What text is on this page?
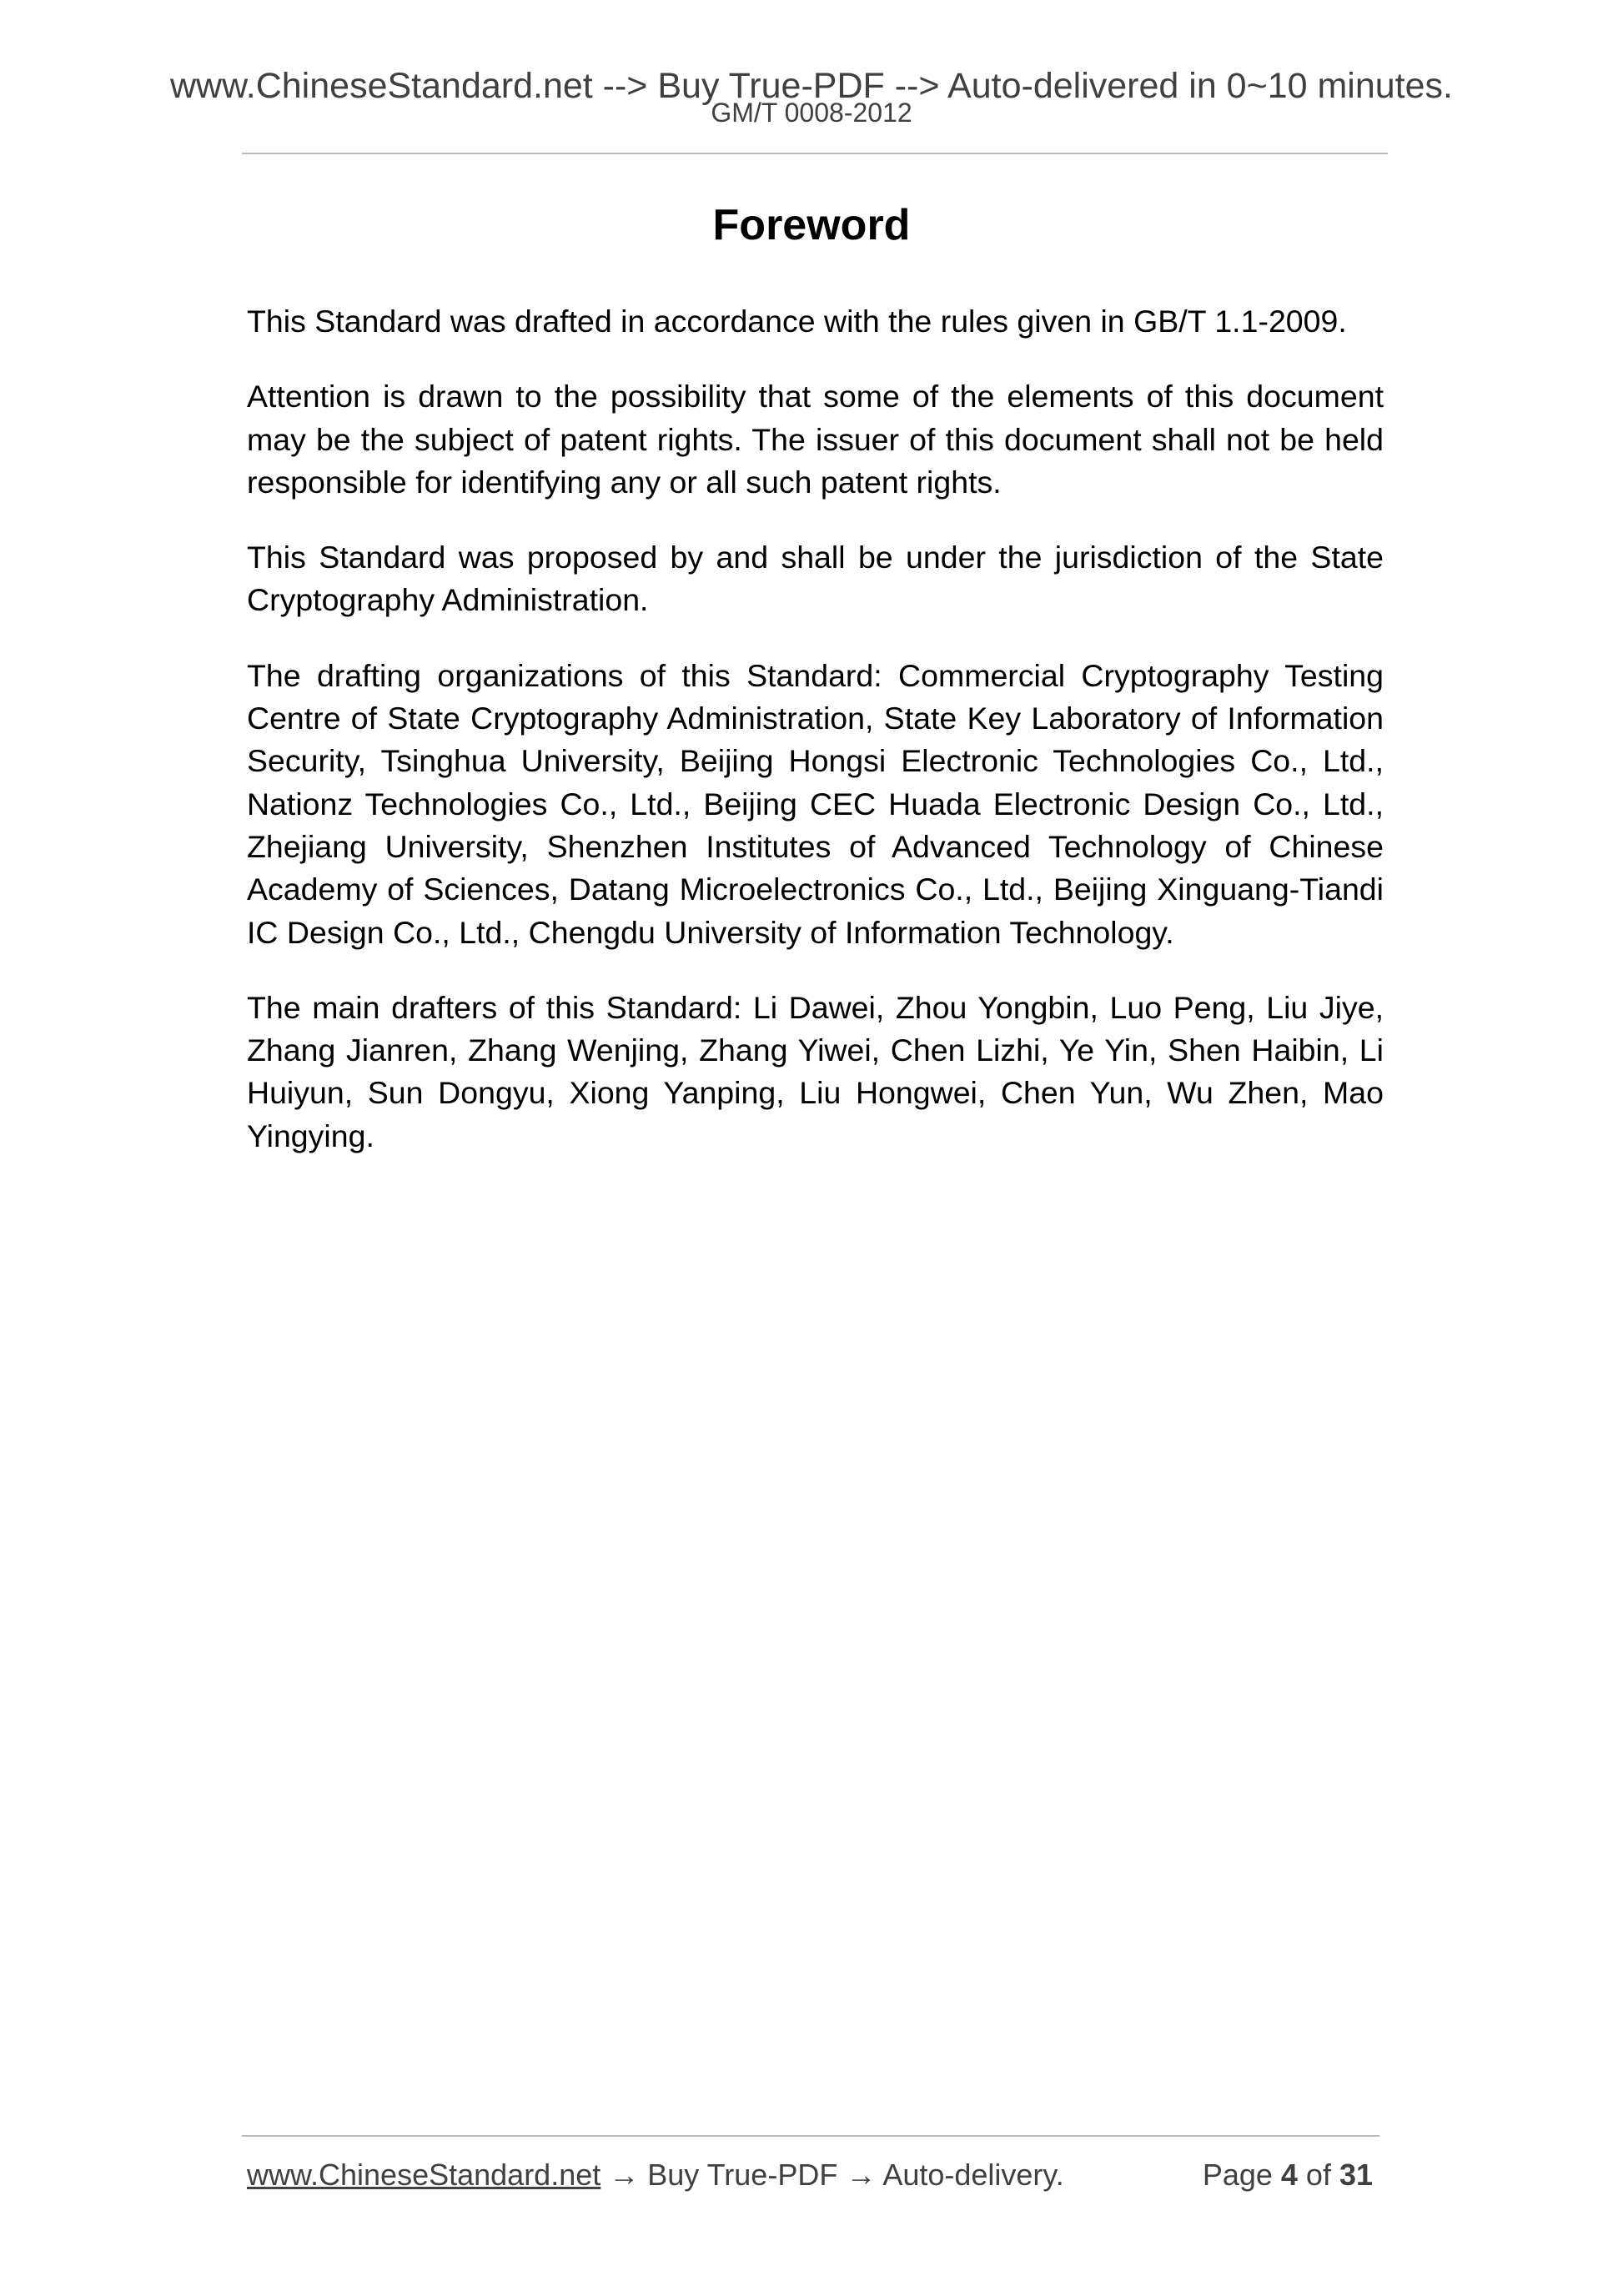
www.ChineseStandard.net --> Buy True-PDF --> Auto-delivered in 0~10 minutes.
GM/T 0008-2012
Foreword

This Standard was drafted in accordance with the rules given in GB/T 1.1-2009.

Attention is drawn to the possibility that some of the elements of this document may be the subject of patent rights. The issuer of this document shall not be held responsible for identifying any or all such patent rights.

This Standard was proposed by and shall be under the jurisdiction of the State Cryptography Administration.

The drafting organizations of this Standard: Commercial Cryptography Testing Centre of State Cryptography Administration, State Key Laboratory of Information Security, Tsinghua University, Beijing Hongsi Electronic Technologies Co., Ltd., Nationz Technologies Co., Ltd., Beijing CEC Huada Electronic Design Co., Ltd., Zhejiang University, Shenzhen Institutes of Advanced Technology of Chinese Academy of Sciences, Datang Microelectronics Co., Ltd., Beijing Xinguang-Tiandi IC Design Co., Ltd., Chengdu University of Information Technology.

The main drafters of this Standard: Li Dawei, Zhou Yongbin, Luo Peng, Liu Jiye, Zhang Jianren, Zhang Wenjing, Zhang Yiwei, Chen Lizhi, Ye Yin, Shen Haibin, Li Huiyun, Sun Dongyu, Xiong Yanping, Liu Hongwei, Chen Yun, Wu Zhen, Mao Yingying.

www.ChineseStandard.net → Buy True-PDF → Auto-delivery.	Page 4 of 31
